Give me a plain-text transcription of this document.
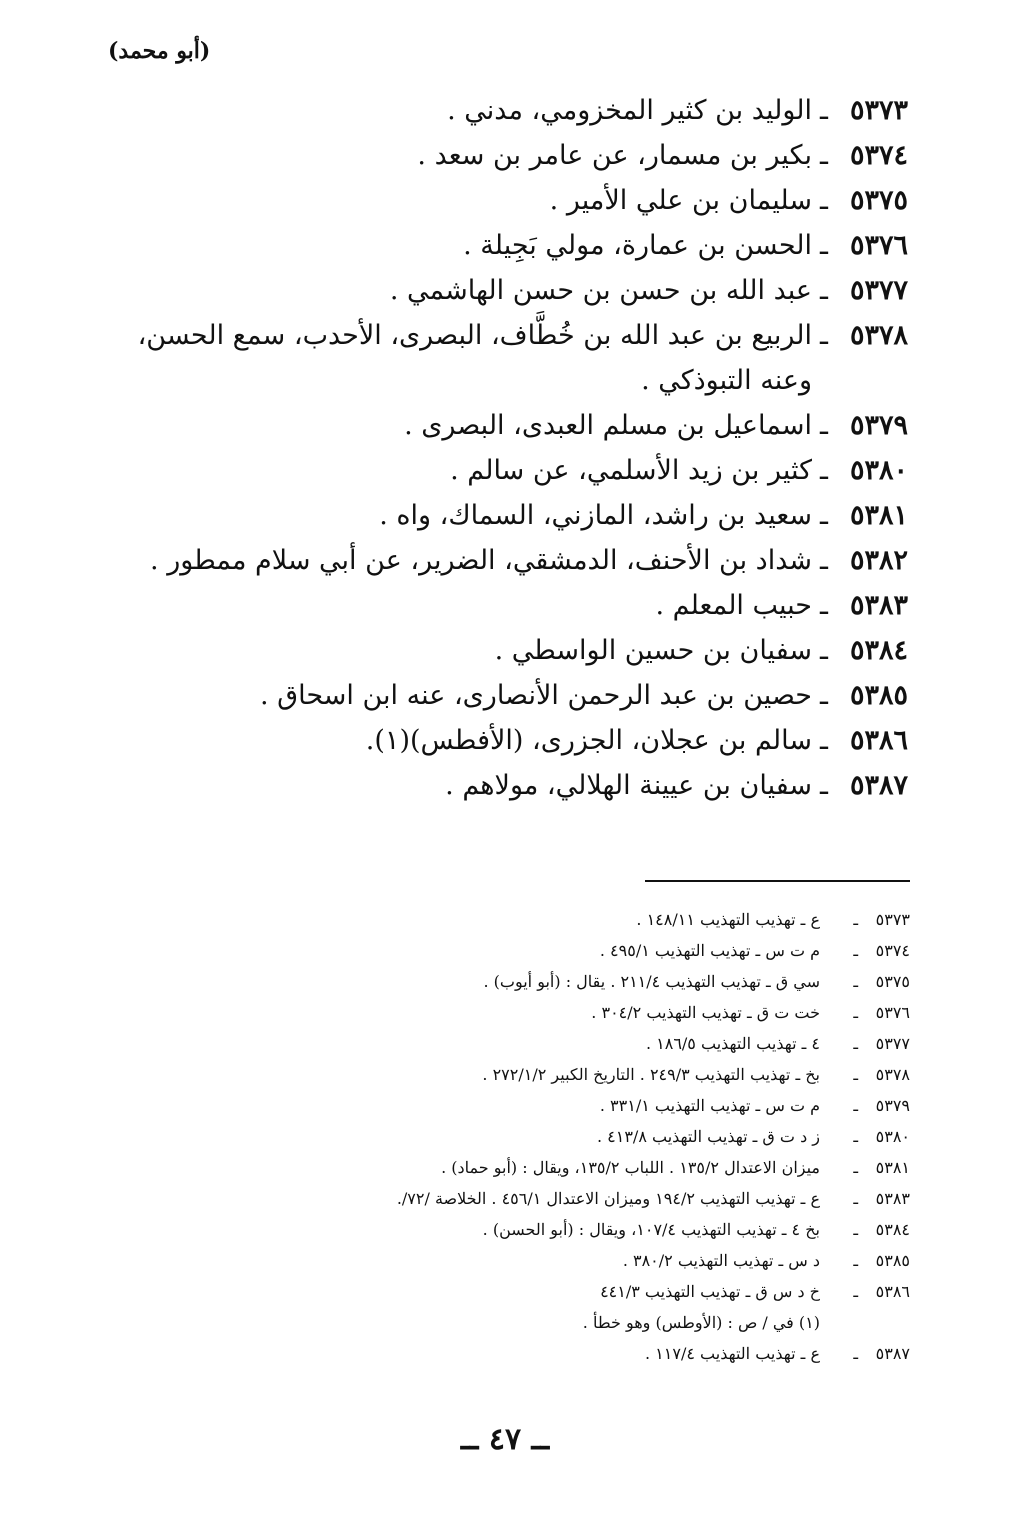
(أبو محمد)
٥٣٧٣
ـ
الوليد بن كثير المخزومي، مدني .
٥٣٧٤
ـ
بكير بن مسمار، عن عامر بن سعد .
٥٣٧٥
ـ
سليمان بن علي الأمير .
٥٣٧٦
ـ
الحسن بن عمارة، مولي بَجِيلة .
٥٣٧٧
ـ
عبد الله بن حسن بن حسن الهاشمي .
٥٣٧٨
ـ
الربيع بن عبد الله بن خُطَّاف، البصرى، الأحدب، سمع الحسن، وعنه التبوذكي .
٥٣٧٩
ـ
اسماعيل بن مسلم العبدى، البصرى .
٥٣٨٠
ـ
كثير بن زيد الأسلمي، عن سالم .
٥٣٨١
ـ
سعيد بن راشد، المازني، السماك، واه .
٥٣٨٢
ـ
شداد بن الأحنف، الدمشقي، الضرير، عن أبي سلام ممطور .
٥٣٨٣
ـ
حبيب المعلم .
٥٣٨٤
ـ
سفيان بن حسين الواسطي .
٥٣٨٥
ـ
حصين بن عبد الرحمن الأنصارى، عنه ابن اسحاق .
٥٣٨٦
ـ
سالم بن عجلان، الجزرى، (الأفطس)(١).
٥٣٨٧
ـ
سفيان بن عيينة الهلالي، مولاهم .
٥٣٧٣
ـ
ع ـ تهذيب التهذيب ١٤٨/١١ .
٥٣٧٤
ـ
م ت س ـ تهذيب التهذيب ٤٩٥/١ .
٥٣٧٥
ـ
سي ق ـ تهذيب التهذيب ٢١١/٤ . يقال : (أبو أيوب) .
٥٣٧٦
ـ
خت ت ق ـ تهذيب التهذيب ٣٠٤/٢ .
٥٣٧٧
ـ
٤ ـ تهذيب التهذيب ١٨٦/٥ .
٥٣٧٨
ـ
بخ ـ تهذيب التهذيب ٢٤٩/٣ . التاريخ الكبير ٢٧٢/١/٢ .
٥٣٧٩
ـ
م ت س ـ تهذيب التهذيب ٣٣١/١ .
٥٣٨٠
ـ
ز د ت ق ـ تهذيب التهذيب ٤١٣/٨ .
٥٣٨١
ـ
ميزان الاعتدال ١٣٥/٢ . اللباب ١٣٥/٢، ويقال : (أبو حماد) .
٥٣٨٣
ـ
ع ـ تهذيب التهذيب ١٩٤/٢ وميزان الاعتدال ٤٥٦/١ . الخلاصة /٧٢/.
٥٣٨٤
ـ
بخ ٤ ـ تهذيب التهذيب ١٠٧/٤، ويقال : (أبو الحسن) .
٥٣٨٥
ـ
د س ـ تهذيب التهذيب ٣٨٠/٢ .
٥٣٨٦
ـ
خ د س ق ـ تهذيب التهذيب ٤٤١/٣
(١) في / ص : (الأوطس) وهو خطأ .
٥٣٨٧
ـ
ع ـ تهذيب التهذيب ١١٧/٤ .
ــ ٤٧ ــ
